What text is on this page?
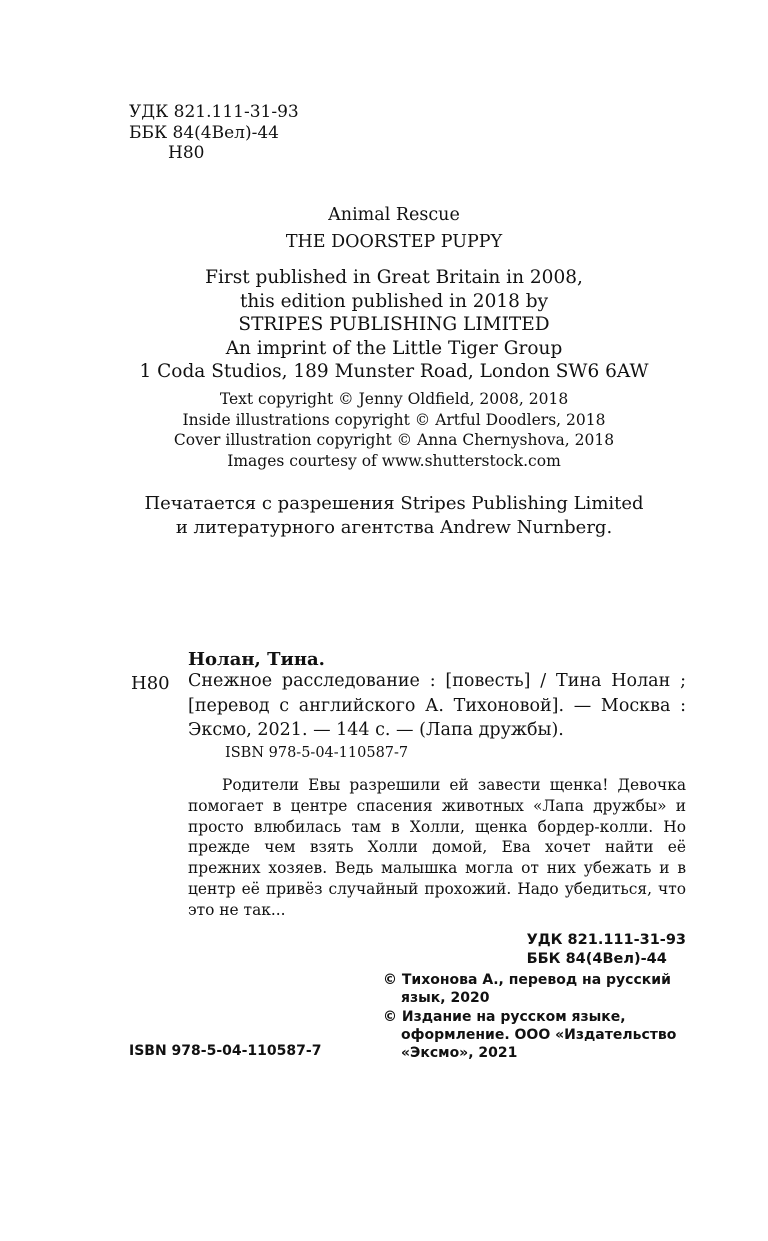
УДК 821.111-31-93
ББК 84(4Вел)-44
Н80
Animal Rescue
THE DOORSTEP PUPPY
First published in Great Britain in 2008,
this edition published in 2018 by
STRIPES PUBLISHING LIMITED
An imprint of the Little Tiger Group
1 Coda Studios, 189 Munster Road, London SW6 6AW
Text copyright © Jenny Oldfield, 2008, 2018
Inside illustrations copyright © Artful Doodlers, 2018
Cover illustration copyright © Anna Chernyshova, 2018
Images courtesy of www.shutterstock.com
Печатается с разрешения Stripes Publishing Limited
и литературного агентства Andrew Nurnberg.
Нолан, Тина.
Н80 Снежное расследование : [повесть] / Тина Нолан ; [перевод с английского А. Тихоновой]. — Москва : Эксмо, 2021. — 144 с. — (Лапа дружбы).
ISBN 978-5-04-110587-7
Родители Евы разрешили ей завести щенка! Девочка помогает в центре спасения животных «Лапа дружбы» и просто влюбилась там в Холли, щенка бордер-колли. Но прежде чем взять Холли домой, Ева хочет найти её прежних хозяев. Ведь малышка могла от них убежать и в центр её привёз случайный прохожий. Надо убедиться, что это не так...
УДК 821.111-31-93
ББК 84(4Вел)-44
© Тихонова А., перевод на русский язык, 2020
© Издание на русском языке, оформление. ООО «Издательство «Эксмо», 2021
ISBN 978-5-04-110587-7
